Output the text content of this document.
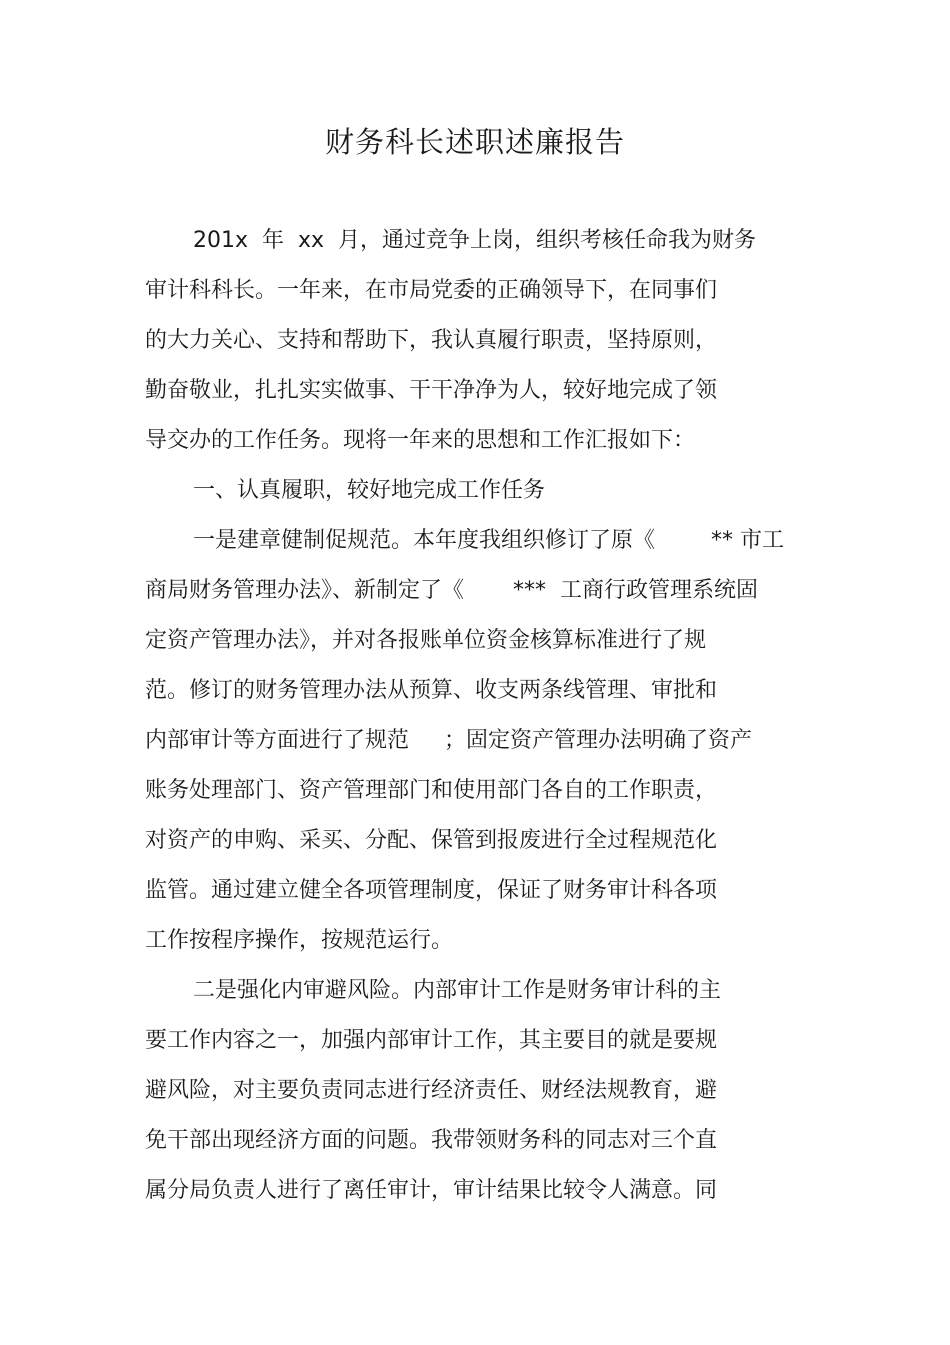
财务科长述职述廉报告
201x  年  xx  月，通过竞争上岗，组织考核任命我为财务
审计科科长。一年来，在市局党委的正确领导下，在同事们
的大力关心、支持和帮助下，我认真履行职责，坚持原则，
勤奋敬业，扎扎实实做事、干干净净为人，较好地完成了领
导交办的工作任务。现将一年来的思想和工作汇报如下：
一、认真履职，较好地完成工作任务
一是建章健制促规范。本年度我组织修订了原《        ** 市工
商局财务管理办法》、新制定了《       ***  工商行政管理系统固
定资产管理办法》，并对各报账单位资金核算标准进行了规
范。修订的财务管理办法从预算、收支两条线管理、审批和
内部审计等方面进行了规范     ；固定资产管理办法明确了资产
账务处理部门、资产管理部门和使用部门各自的工作职责，
对资产的申购、采买、分配、保管到报废进行全过程规范化
监管。通过建立健全各项管理制度，保证了财务审计科各项
工作按程序操作，按规范运行。
二是强化内审避风险。内部审计工作是财务审计科的主
要工作内容之一，加强内部审计工作，其主要目的就是要规
避风险，对主要负责同志进行经济责任、财经法规教育，避
免干部出现经济方面的问题。我带领财务科的同志对三个直
属分局负责人进行了离任审计，审计结果比较令人满意。同
